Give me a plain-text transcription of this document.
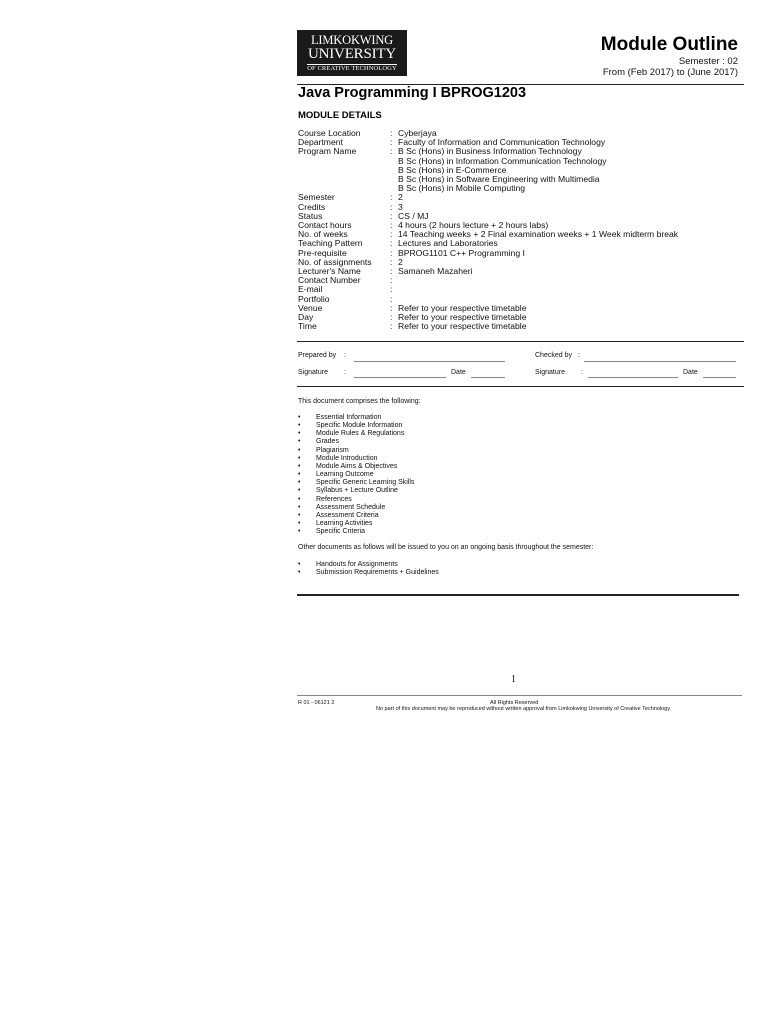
LIMKOKWING
UNIVERSITY
OF CREATIVE TECHNOLOGY
Module Outline
Semester : 02
From (Feb 2017) to (June 2017)
Java Programming I BPROG1203
MODULE DETAILS
Course Location	: Cyberjaya
Department	: Faculty of Information and Communication Technology
Program Name	: B Sc (Hons) in Business Information Technology
B Sc (Hons) in Information Communication Technology
B Sc (Hons) in E-Commerce
B Sc (Hons) in Software Engineering with Multimedia
B Sc (Hons) in Mobile Computing
Semester	: 2
Credits	: 3
Status	: CS / MJ
Contact hours	: 4 hours (2 hours lecture + 2 hours labs)
No. of weeks	: 14 Teaching weeks + 2 Final examination weeks + 1 Week midterm break
Teaching Pattern	: Lectures and Laboratories
Pre-requisite	: BPROG1101 C++ Programming I
No. of assignments	: 2
Lecturer's Name	: Samaneh Mazaheri
Contact Number	:
E-mail	:
Portfolio	:
Venue	: Refer to your respective timetable
Day	: Refer to your respective timetable
Time	: Refer to your respective timetable
Prepared by :	Checked by :
Signature :	Date	Signature :	Date
This document comprises the following:
•	Essential Information
•	Specific Module Information
•	Module Rules & Regulations
•	Grades
•	Plagiarism
•	Module Introduction
•	Module Aims & Objectives
•	Learning Outcome
•	Specific Generic Learning Skills
•	Syllabus + Lecture Outline
•	References
•	Assessment Schedule
•	Assessment Criteria
•	Learning Activities
•	Specific Criteria
Other documents as follows will be issued to you on an ongoing basis throughout the semester:
•	Handouts for Assignments
•	Submission Requirements + Guidelines
1
R 01 - 06121 2	All Rights Reserved
No part of this document may be reproduced without written approval from Limkokwing University of Creative Technology
